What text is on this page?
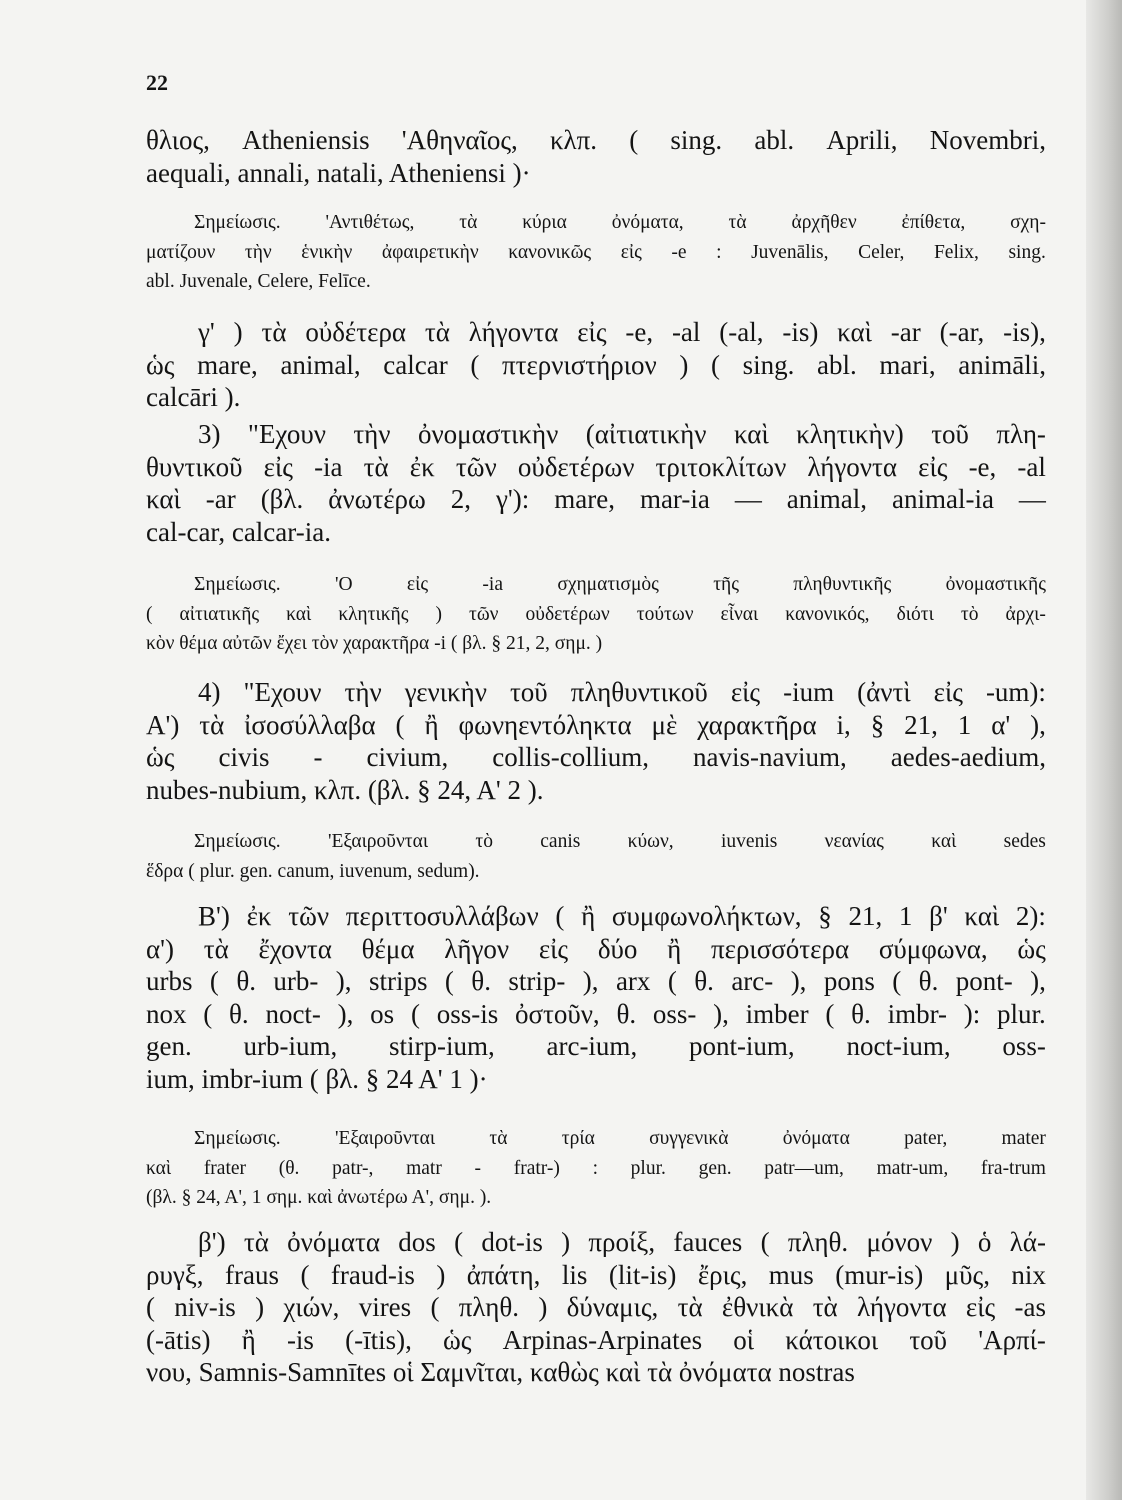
22
θλιος, Atheniensis 'Αθηναῖος, κλπ. ( sing. abl. Aprili, Novembri,
aequali, annali, natali, Atheniensi )·
Σημείωσις. 'Αντιθέτως, τὰ κύρια ὀνόματα, τὰ ἀρχῆθεν ἐπίθετα, σχη-
ματίζουν τὴν ἑνικὴν ἀφαιρετικὴν κανονικῶς εἰς -e : Juvenālis, Celer, Felix, sing.
abl. Juvenale, Celere, Felīce.
γ' ) τὰ οὐδέτερα τὰ λήγοντα εἰς -e, -al (-al, -is) καὶ -ar (-ar, -is),
ὡς mare, animal, calcar ( πτερνιστήριον ) ( sing. abl. mari, animāli,
calcāri ).
3) "Εχουν τὴν ὀνομαστικὴν (αἰτιατικὴν καὶ κλητικὴν) τοῦ πλη-
θυντικοῦ εἰς -ia τὰ ἐκ τῶν οὐδετέρων τριτοκλίτων λήγοντα εἰς -e, -al
καὶ -ar (βλ. ἀνωτέρω 2, γ'): mare, mar-ia — animal, animal-ia —
cal-car, calcar-ia.
Σημείωσις.	'Ο	εἰς	-ia	σχηματισμὸς	τῆς	πληθυντικῆς	ὀνομαστικῆς
( αἰτιατικῆς καὶ κλητικῆς ) τῶν οὐδετέρων τούτων εἶναι κανονικός, διότι τὸ ἀρχι-
κὸν θέμα αὐτῶν ἔχει τὸν χαρακτῆρα -i ( βλ. § 21, 2, σημ. )
4) "Εχουν τὴν γενικὴν τοῦ πληθυντικοῦ εἰς -ium (ἀντὶ εἰς -um):
Α') τὰ ἰσοσύλλαβα ( ἢ φωνηεντόληκτα μὲ χαρακτῆρα i, § 21, 1 α' ),
ὡς civis - civium, collis-collium, navis-navium, aedes-aedium,
nubes-nubium, κλπ. (βλ. § 24, Α' 2 ).
Σημείωσις. 'Εξαιροῦνται τὸ canis κύων, iuvenis νεανίας καὶ sedes
ἕδρα ( plur. gen. canum, iuvenum, sedum).
Β') ἐκ τῶν περιττοσυλλάβων ( ἢ συμφωνολήκτων, § 21, 1 β' καὶ 2):
α') τὰ ἔχοντα θέμα λῆγον εἰς δύο ἢ περισσότερα σύμφωνα, ὡς
urbs ( θ. urb- ), strips ( θ. strip- ), arx ( θ. arc- ), pons ( θ. pont- ),
nox ( θ. noct- ), os ( oss-is ὀστοῦν, θ. oss- ), imber ( θ. imbr- ): plur.
gen. urb-ium, stirp-ium, arc-ium, pont-ium, noct-ium, oss-
ium, imbr-ium ( βλ. § 24 Α' 1 )·
Σημείωσις.	'Εξαιροῦνται	τὰ	τρία	συγγενικὰ	ὀνόματα	pater,	mater
καὶ frater (θ. patr-, matr - fratr-) : plur. gen. patr—um, matr-um, fra-trum
(βλ. § 24, Α', 1 σημ. καὶ ἀνωτέρω Α', σημ. ).
β') τὰ ὀνόματα dos ( dot-is ) προίξ, fauces ( πληθ. μόνον ) ὁ λά-
ρυγξ, fraus ( fraud-is ) ἀπάτη, lis (lit-is) ἔρις, mus (mur-is) μῦς, nix
( niv-is ) χιών, vires ( πληθ. ) δύναμις, τὰ ἐθνικὰ τὰ λήγοντα εἰς -as
(-ātis) ἢ -is (-ītis), ὡς Arpinas-Arpinates οἱ κάτοικοι τοῦ 'Αρπί-
νου, Samnis-Samnītes οἱ Σαμνῖται, καθὼς καὶ τὰ ὀνόματα nostras
